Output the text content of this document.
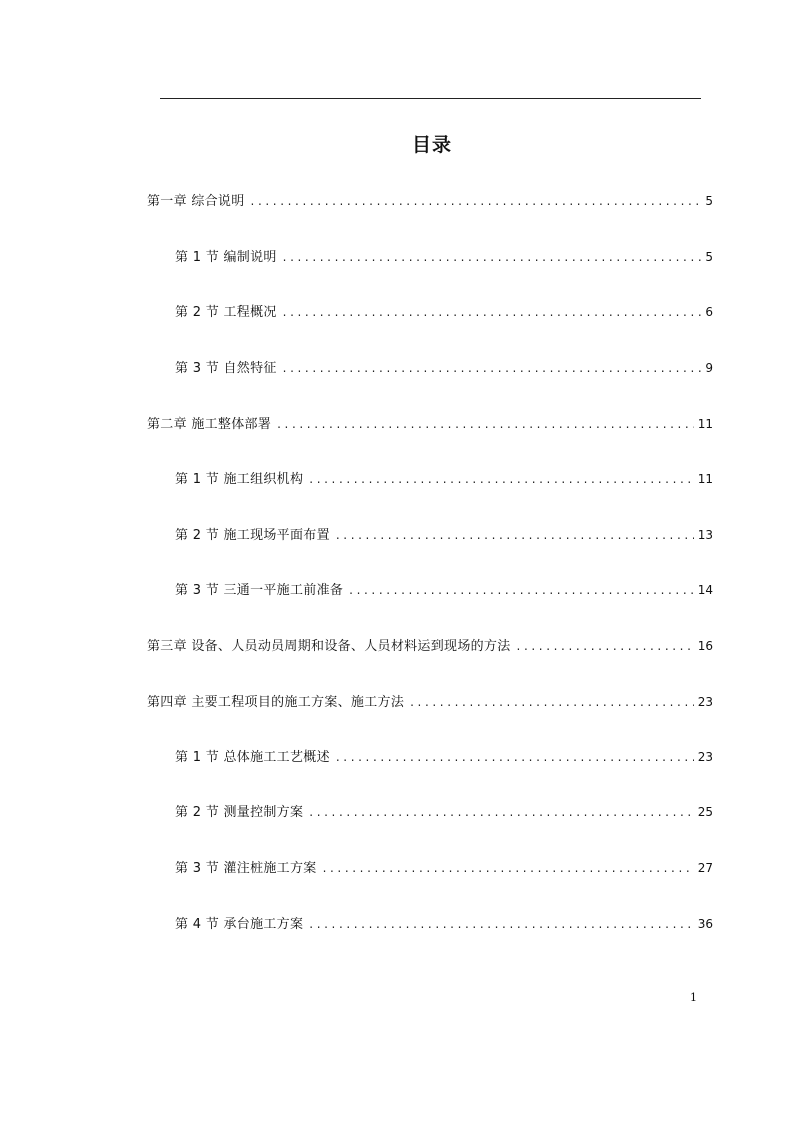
目录
第一章 综合说明 .....	5
第 1 节 编制说明 .....	5
第 2 节 工程概况 .....	6
第 3 节 自然特征 .....	9
第二章 施工整体部署 .....	11
第 1 节 施工组织机构 .....	11
第 2 节 施工现场平面布置 .....	13
第 3 节 三通一平施工前准备 .....	14
第三章 设备、人员动员周期和设备、人员材料运到现场的方法 .....	16
第四章 主要工程项目的施工方案、施工方法 .....	23
第 1 节 总体施工工艺概述 .....	23
第 2 节 测量控制方案 .....	25
第 3 节 灌注桩施工方案 .....	27
第 4 节 承台施工方案 .....	36
1
